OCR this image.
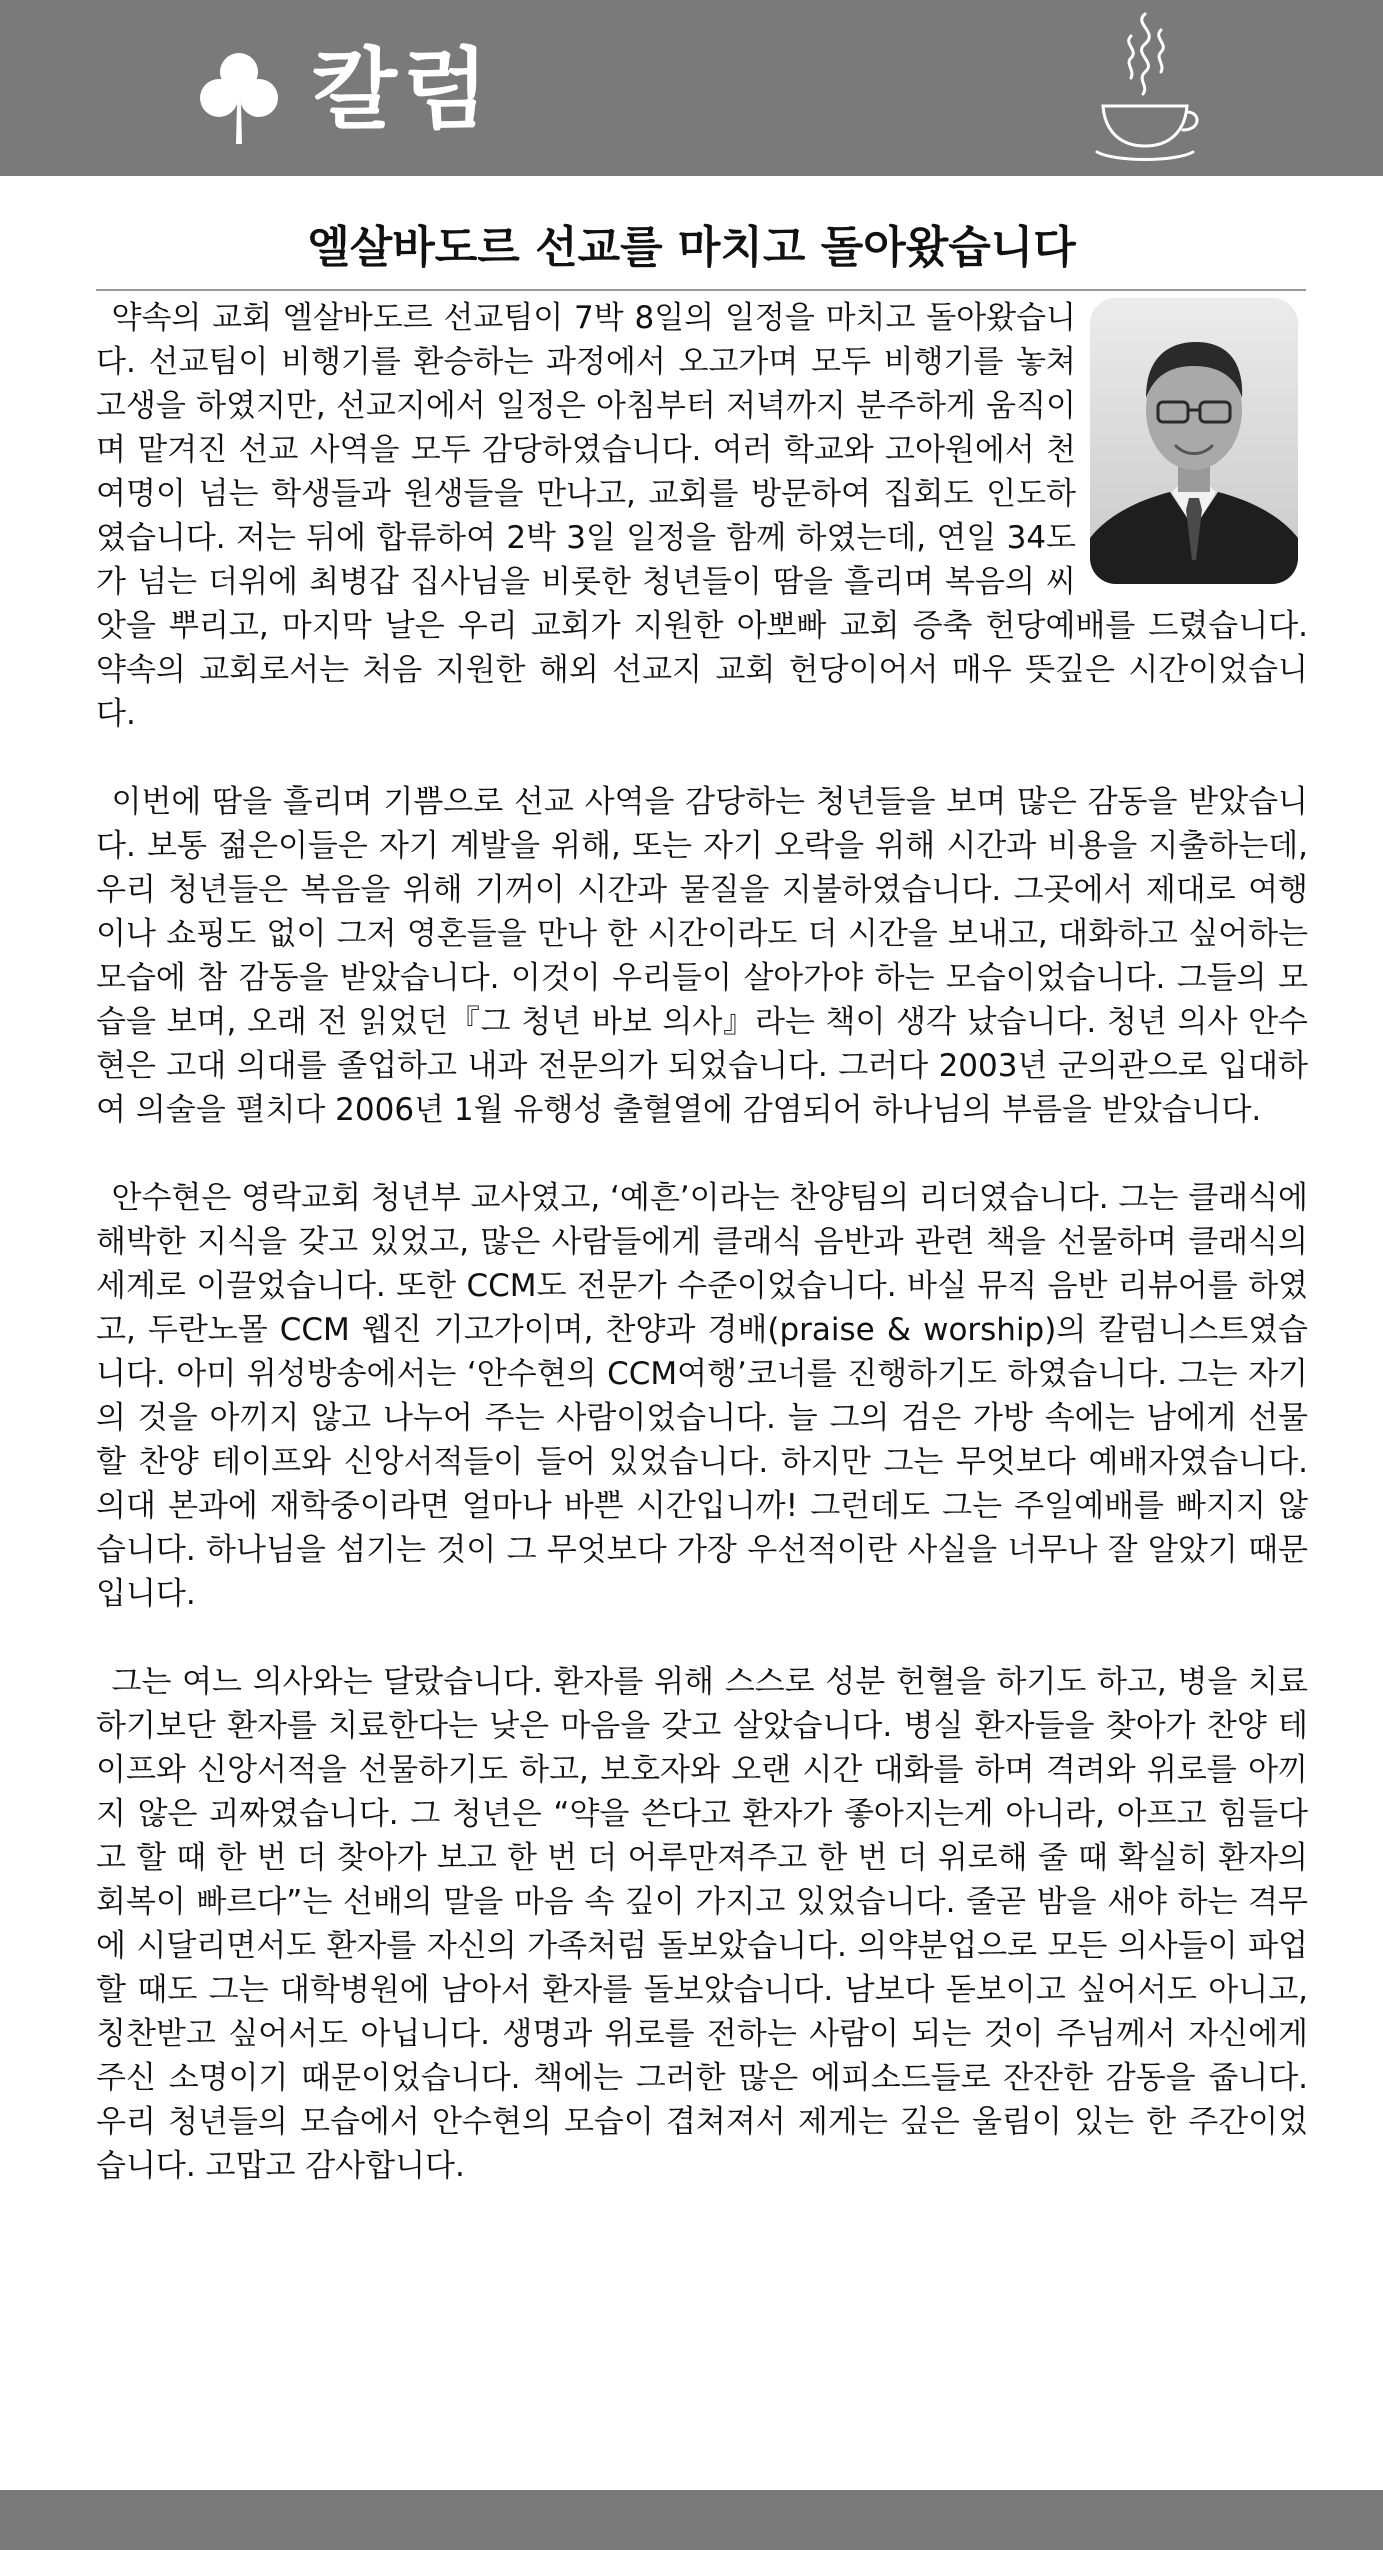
칼럼
엘살바도르 선교를 마치고 돌아왔습니다

약속의 교회 엘살바도르 선교팀이 7박 8일의 일정을 마치고 돌아왔습니다. 선교팀이 비행기를 환승하는 과정에서 오고가며 모두 비행기를 놓쳐 고생을 하였지만, 선교지에서 일정은 아침부터 저녁까지 분주하게 움직이며 맡겨진 선교 사역을 모두 감당하였습니다. 여러 학교와 고아원에서 천 여명이 넘는 학생들과 원생들을 만나고, 교회를 방문하여 집회도 인도하였습니다. 저는 뒤에 합류하여 2박 3일 일정을 함께 하였는데, 연일 34도가 넘는 더위에 최병갑 집사님을 비롯한 청년들이 땀을 흘리며 복음의 씨앗을 뿌리고, 마지막 날은 우리 교회가 지원한 아뽀빠 교회 증축 헌당예배를 드렸습니다. 약속의 교회로서는 처음 지원한 해외 선교지 교회 헌당이어서 매우 뜻깊은 시간이었습니다.

이번에 땀을 흘리며 기쁨으로 선교 사역을 감당하는 청년들을 보며 많은 감동을 받았습니다. 보통 젊은이들은 자기 계발을 위해, 또는 자기 오락을 위해 시간과 비용을 지출하는데, 우리 청년들은 복음을 위해 기꺼이 시간과 물질을 지불하였습니다. 그곳에서 제대로 여행이나 쇼핑도 없이 그저 영혼들을 만나 한 시간이라도 더 시간을 보내고, 대화하고 싶어하는 모습에 참 감동을 받았습니다. 이것이 우리들이 살아가야 하는 모습이었습니다. 그들의 모습을 보며, 오래 전 읽었던『그 청년 바보 의사』라는 책이 생각 났습니다. 청년 의사 안수현은 고대 의대를 졸업하고 내과 전문의가 되었습니다. 그러다 2003년 군의관으로 입대하여 의술을 펼치다 2006년 1월 유행성 출혈열에 감염되어 하나님의 부름을 받았습니다.

안수현은 영락교회 청년부 교사였고, ‘예흔’이라는 찬양팀의 리더였습니다. 그는 클래식에 해박한 지식을 갖고 있었고, 많은 사람들에게 클래식 음반과 관련 책을 선물하며 클래식의 세계로 이끌었습니다. 또한 CCM도 전문가 수준이었습니다. 바실 뮤직 음반 리뷰어를 하였고, 두란노몰 CCM 웹진 기고가이며, 찬양과 경배(praise & worship)의 칼럼니스트였습니다. 아미 위성방송에서는 ‘안수현의 CCM여행’코너를 진행하기도 하였습니다. 그는 자기의 것을 아끼지 않고 나누어 주는 사람이었습니다. 늘 그의 검은 가방 속에는 남에게 선물할 찬양 테이프와 신앙서적들이 들어 있었습니다. 하지만 그는 무엇보다 예배자였습니다. 의대 본과에 재학중이라면 얼마나 바쁜 시간입니까! 그런데도 그는 주일예배를 빠지지 않습니다. 하나님을 섬기는 것이 그 무엇보다 가장 우선적이란 사실을 너무나 잘 알았기 때문입니다.

그는 여느 의사와는 달랐습니다. 환자를 위해 스스로 성분 헌혈을 하기도 하고, 병을 치료하기보단 환자를 치료한다는 낮은 마음을 갖고 살았습니다. 병실 환자들을 찾아가 찬양 테이프와 신앙서적을 선물하기도 하고, 보호자와 오랜 시간 대화를 하며 격려와 위로를 아끼지 않은 괴짜였습니다. 그 청년은 “약을 쓴다고 환자가 좋아지는게 아니라, 아프고 힘들다고 할 때 한 번 더 찾아가 보고 한 번 더 어루만져주고 한 번 더 위로해 줄 때 확실히 환자의 회복이 빠르다”는 선배의 말을 마음 속 깊이 가지고 있었습니다. 줄곧 밤을 새야 하는 격무에 시달리면서도 환자를 자신의 가족처럼 돌보았습니다. 의약분업으로 모든 의사들이 파업할 때도 그는 대학병원에 남아서 환자를 돌보았습니다. 남보다 돋보이고 싶어서도 아니고, 칭찬받고 싶어서도 아닙니다. 생명과 위로를 전하는 사람이 되는 것이 주님께서 자신에게 주신 소명이기 때문이었습니다. 책에는 그러한 많은 에피소드들로 잔잔한 감동을 줍니다. 우리 청년들의 모습에서 안수현의 모습이 겹쳐져서 제게는 깊은 울림이 있는 한 주간이었습니다. 고맙고 감사합니다.
